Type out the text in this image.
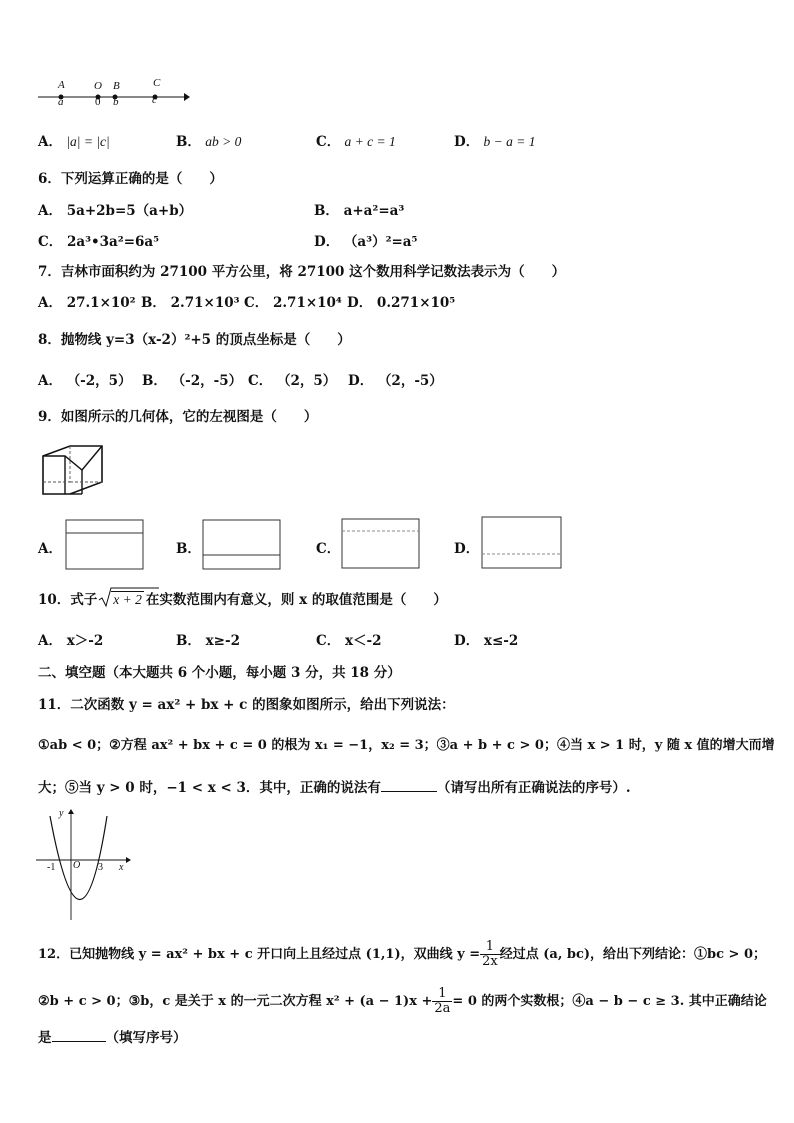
A	O B	C
a	0 b	c
A． |a| = |c|	B． ab > 0	C． a + c = 1	D． b − a = 1
6．下列运算正确的是（　　）
A． 5a+2b=5（a+b）	B． a+a²=a³
C． 2a³•3a²=6a⁵	D． （a³）²=a⁵
7．吉林市面积约为 27100 平方公里，将 27100 这个数用科学记数法表示为（　　）
A． 27.1×10² B． 2.71×10³ C． 2.71×10⁴ D． 0.271×10⁵
8．抛物线 y=3（x-2）²+5 的顶点坐标是（　　）
A． （-2，5） B． （-2，-5） C． （2，5） D． （2，-5）
9．如图所示的几何体，它的左视图是（　　）
A．	B．	C．	D．
10．式子 x + 2 在实数范围内有意义，则 x 的取值范围是（　　）
A． x＞-2	B． x≥-2	C． x＜-2	D． x≤-2
二、填空题（本大题共 6 个小题，每小题 3 分，共 18 分）
11．二次函数 y = ax² + bx + c 的图象如图所示，给出下列说法：
①ab < 0；②方程 ax² + bx + c = 0 的根为 x₁ = −1，x₂ = 3；③a + b + c > 0；④当 x > 1 时，y 随 x 值的增大而增
大；⑤当 y > 0 时，−1 < x < 3．其中，正确的说法有	（请写出所有正确说法的序号）.
y
x
O
-1	3
12．已知抛物线 y = ax² + bx + c 开口向上且经过点 (1,1)，双曲线 $y = \frac{1}{2x}$ 经过点 (a, bc)，给出下列结论：①bc > 0；
②b + c > 0；③b，c 是关于 x 的一元二次方程 $x^2 + (a - 1)x + \frac{1}{2a} = 0$ 的两个实数根；④a − b − c ≥ 3. 其中正确结论
是	（填写序号）
